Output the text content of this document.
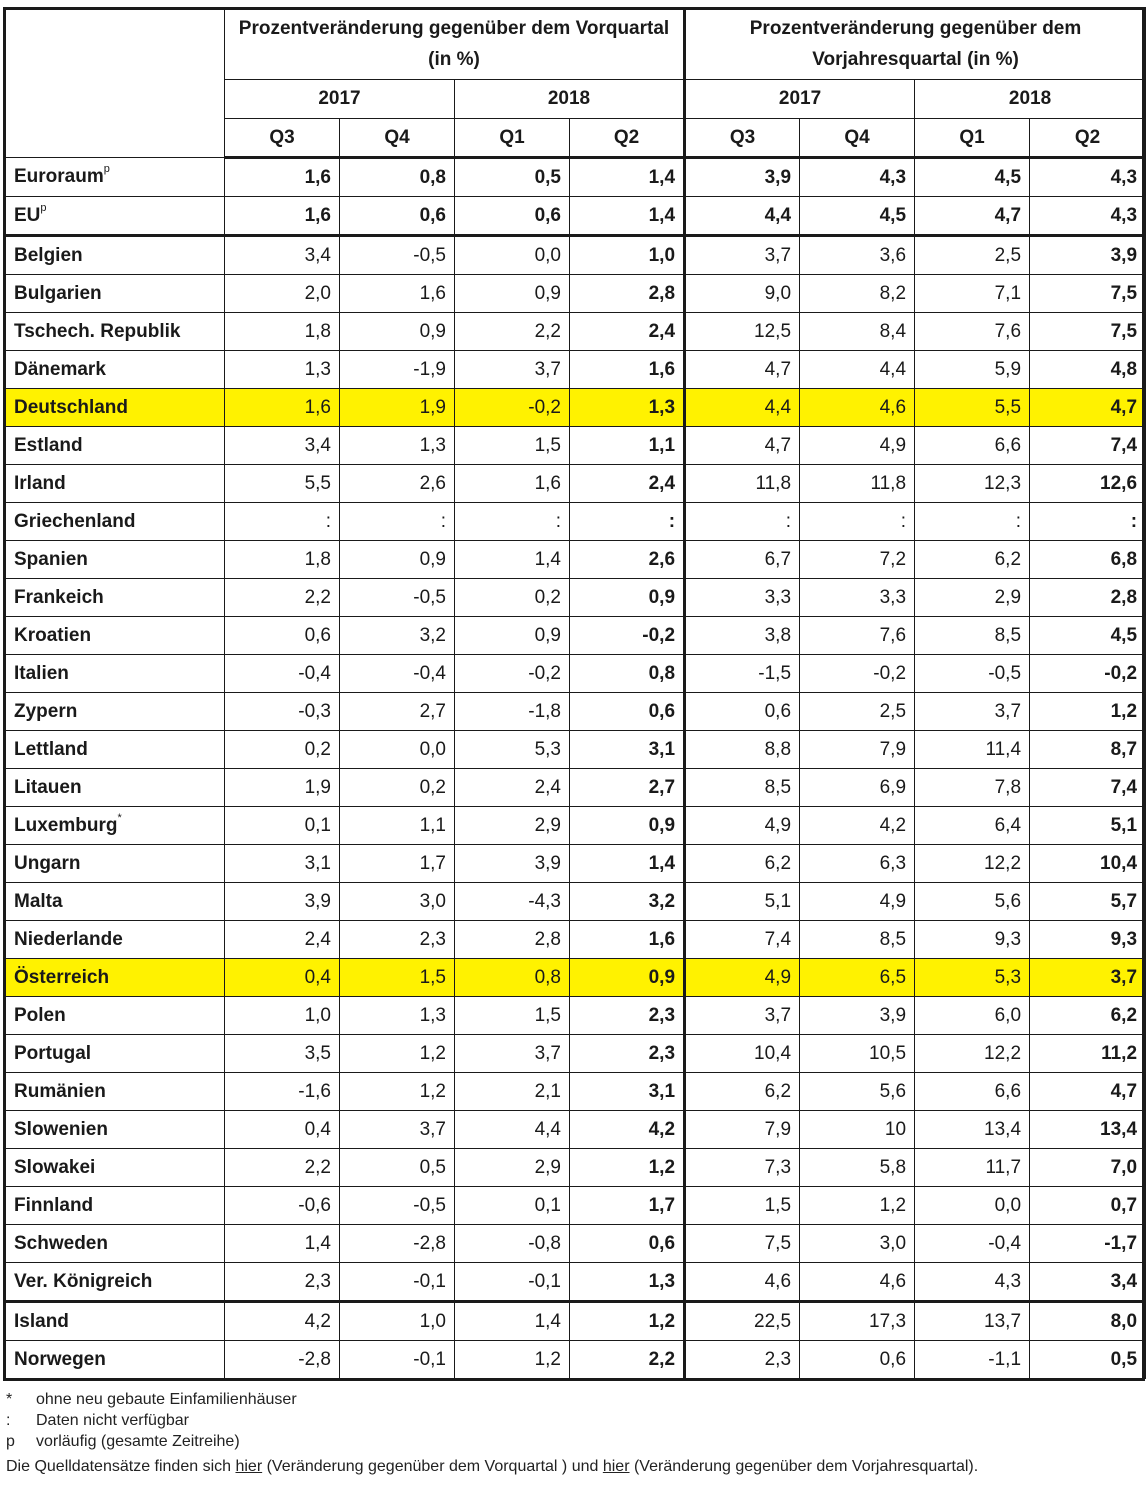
	Prozentveränderung gegenüber dem Vorquartal (in %)				Prozentveränderung gegenüber dem Vorjahresquartal (in %)			
	2017		2018		2017		2018	
	Q3	Q4	Q1	Q2	Q3	Q4	Q1	Q2
Euroraum$^p$	1,6	0,8	0,5	1,4	3,9	4,3	4,5	4,3
$EU^p$	1,6	0,6	0,6	1,4	4,4	4,5	4,7	4,3
Belgien	3,4	-0,5	0,0	1,0	3,7	3,6	2,5	3,9
Bulgarien	2,0	1,6	0,9	2,8	9,0	8,2	7,1	7,5
Tschech. Republik	1,8	0,9	2,2	2,4	12,5	8,4	7,6	7,5
Dänemark	1,3	-1,9	3,7	1,6	4,7	4,4	5,9	4,8
Deutschland	1,6	1,9	-0,2	1,3	4,4	4,6	5,5	4,7
Estland	3,4	1,3	1,5	1,1	4,7	4,9	6,6	7,4
Irland	5,5	2,6	1,6	2,4	11,8	11,8	12,3	12,6
Griechenland	:	:	:	:	:	:	:	:
Spanien	1,8	0,9	1,4	2,6	6,7	7,2	6,2	6,8
Frankeich	2,2	-0,5	0,2	0,9	3,3	3,3	2,9	2,8
Kroatien	0,6	3,2	0,9	-0,2	3,8	7,6	8,5	4,5
Italien	-0,4	-0,4	-0,2	0,8	-1,5	-0,2	-0,5	-0,2
Zypern	-0,3	2,7	-1,8	0,6	0,6	2,5	3,7	1,2
Lettland	0,2	0,0	5,3	3,1	8,8	7,9	11,4	8,7
Litauen	1,9	0,2	2,4	2,7	8,5	6,9	7,8	7,4
Luxemburg*	0,1	1,1	2,9	0,9	4,9	4,2	6,4	5,1
Ungarn	3,1	1,7	3,9	1,4	6,2	6,3	12,2	10,4
Malta	3,9	3,0	-4,3	3,2	5,1	4,9	5,6	5,7
Niederlande	2,4	2,3	2,8	1,6	7,4	8,5	9,3	9,3
Österreich	0,4	1,5	0,8	0,9	4,9	6,5	5,3	3,7
Polen	1,0	1,3	1,5	2,3	3,7	3,9	6,0	6,2
Portugal	3,5	1,2	3,7	2,3	10,4	10,5	12,2	11,2
Rumänien	-1,6	1,2	2,1	3,1	6,2	5,6	6,6	4,7
Slowenien	0,4	3,7	4,4	4,2	7,9	10	13,4	13,4
Slowakei	2,2	0,5	2,9	1,2	7,3	5,8	11,7	7,0
Finnland	-0,6	-0,5	0,1	1,7	1,5	1,2	0,0	0,7
Schweden	1,4	-2,8	-0,8	0,6	7,5	3,0	-0,4	-1,7
Ver. Königreich	2,3	-0,1	-0,1	1,3	4,6	4,6	4,3	3,4
Island	4,2	1,0	1,4	1,2	22,5	17,3	13,7	8,0
Norwegen	-2,8	-0,1	1,2	2,2	2,3	0,6	-1,1	0,5
*	ohne neu gebaute Einfamilienhäuser
:	Daten nicht verfügbar
p	vorläufig (gesamte Zeitreihe)
Die Quelldatensätze finden sich hier (Veränderung gegenüber dem Vorquartal ) und hier (Veränderung gegenüber dem Vorjahresquartal).
